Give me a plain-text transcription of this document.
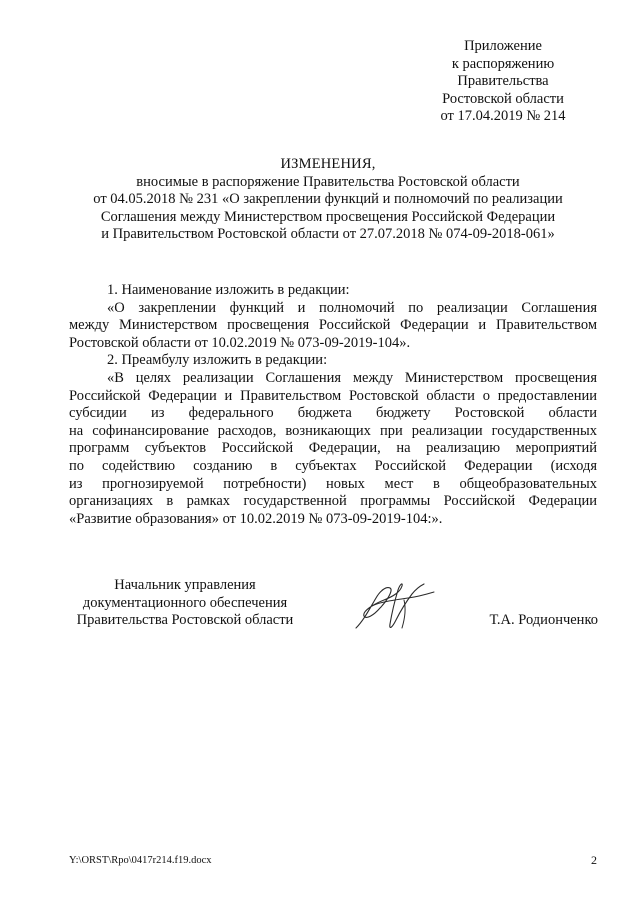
Приложение
к распоряжению
Правительства
Ростовской области
от 17.04.2019 № 214
ИЗМЕНЕНИЯ,
вносимые в распоряжение Правительства Ростовской области
от 04.05.2018 № 231 «О закреплении функций и полномочий по реализации
Соглашения между Министерством просвещения Российской Федерации
и Правительством Ростовской области от 27.07.2018 № 074-09-2018-061»
1. Наименование изложить в редакции:
«О закреплении функций и полномочий по реализации Соглашения
между Министерством просвещения Российской Федерации и Правительством
Ростовской области от 10.02.2019 № 073-09-2019-104».
2. Преамбулу изложить в редакции:
«В целях реализации Соглашения между Министерством просвещения
Российской Федерации и Правительством Ростовской области о предоставлении
субсидии из федерального бюджета бюджету Ростовской области
на софинансирование расходов, возникающих при реализации государственных
программ субъектов Российской Федерации, на реализацию мероприятий
по содействию созданию в субъектах Российской Федерации (исходя
из прогнозируемой потребности) новых мест в общеобразовательных
организациях в рамках государственной программы Российской Федерации
«Развитие образования» от 10.02.2019 № 073-09-2019-104:».
Начальник управления
документационного обеспечения
Правительства Ростовской области	Т.А. Родионченко
Y:\ORST\Rpo\0417r214.f19.docx	2
